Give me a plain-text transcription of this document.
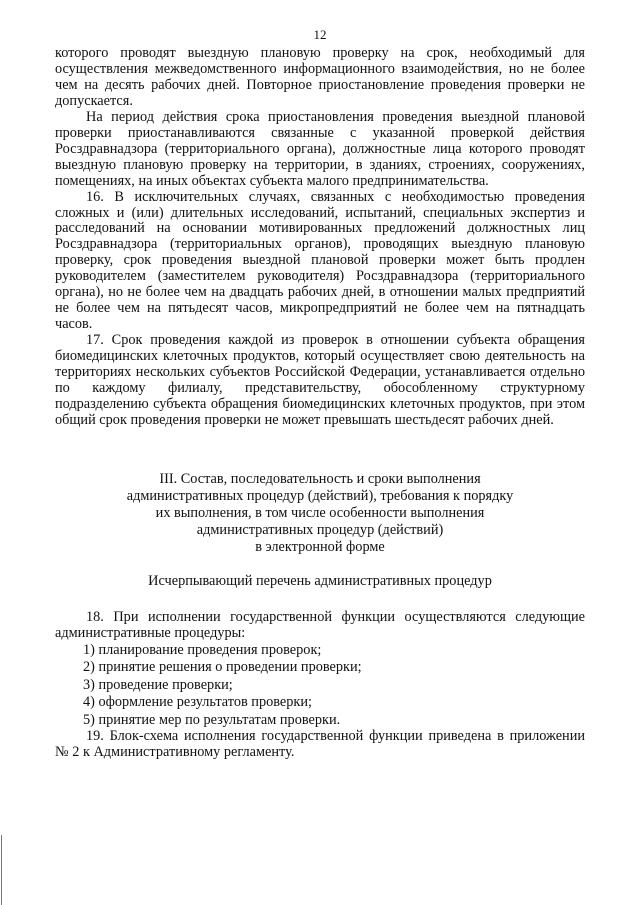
12

которого проводят выездную плановую проверку на срок, необходимый для осуществления межведомственного информационного взаимодействия, но не более чем на десять рабочих дней. Повторное приостановление проведения проверки не допускается.

На период действия срока приостановления проведения выездной плановой проверки приостанавливаются связанные с указанной проверкой действия Росздравнадзора (территориального органа), должностные лица которого проводят выездную плановую проверку на территории, в зданиях, строениях, сооружениях, помещениях, на иных объектах субъекта малого предпринимательства.

16. В исключительных случаях, связанных с необходимостью проведения сложных и (или) длительных исследований, испытаний, специальных экспертиз и расследований на основании мотивированных предложений должностных лиц Росздравнадзора (территориальных органов), проводящих выездную плановую проверку, срок проведения выездной плановой проверки может быть продлен руководителем (заместителем руководителя) Росздравнадзора (территориального органа), но не более чем на двадцать рабочих дней, в отношении малых предприятий не более чем на пятьдесят часов, микропредприятий не более чем на пятнадцать часов.

17. Срок проведения каждой из проверок в отношении субъекта обращения биомедицинских клеточных продуктов, который осуществляет свою деятельность на территориях нескольких субъектов Российской Федерации, устанавливается отдельно по каждому филиалу, представительству, обособленному структурному подразделению субъекта обращения биомедицинских клеточных продуктов, при этом общий срок проведения проверки не может превышать шестьдесят рабочих дней.

III. Состав, последовательность и сроки выполнения

административных процедур (действий), требования к порядку

их выполнения, в том числе особенности выполнения

административных процедур (действий)

в электронной форме

Исчерпывающий перечень административных процедур

18. При исполнении государственной функции осуществляются следующие административные процедуры:

1) планирование проведения проверок;

2) принятие решения о проведении проверки;

3) проведение проверки;

4) оформление результатов проверки;

5) принятие мер по результатам проверки.

19. Блок-схема исполнения государственной функции приведена в приложении № 2 к Административному регламенту.
